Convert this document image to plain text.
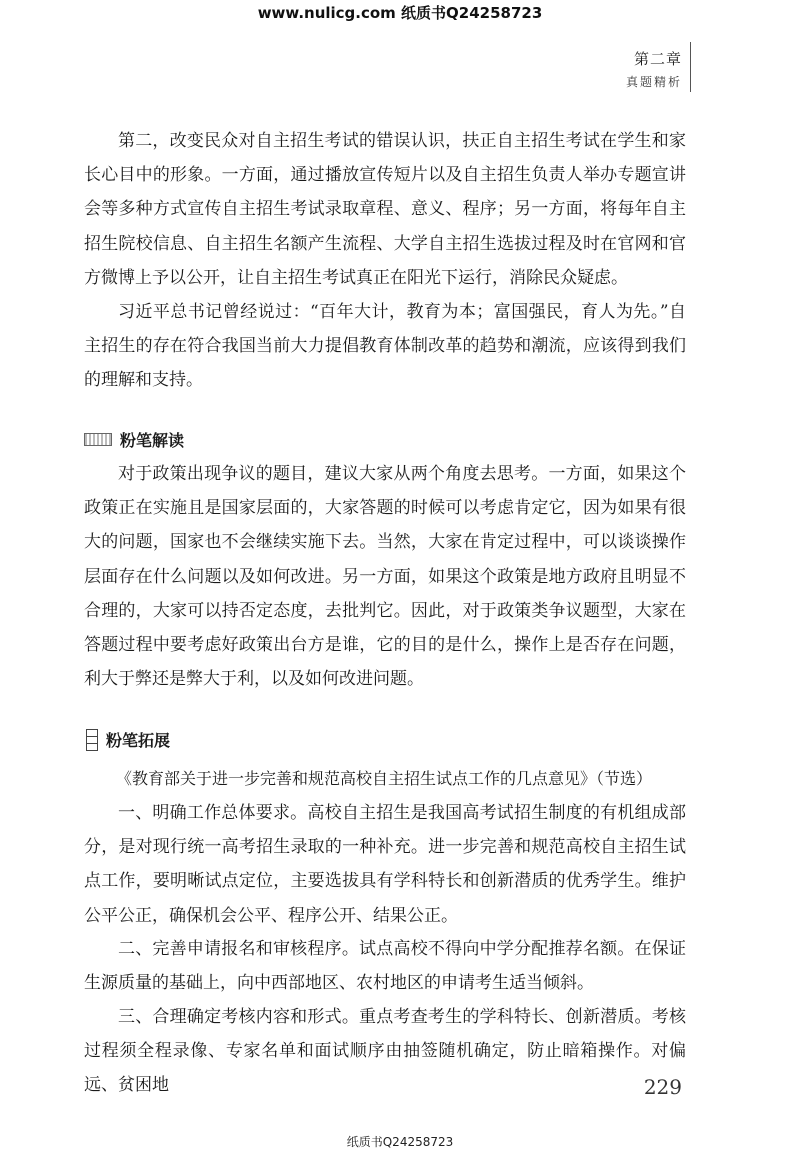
www.nulicg.com 纸质书Q24258723
第二章
真题精析

第二，改变民众对自主招生考试的错误认识，扶正自主招生考试在学生和家长心目中的形象。一方面，通过播放宣传短片以及自主招生负责人举办专题宣讲会等多种方式宣传自主招生考试录取章程、意义、程序；另一方面，将每年自主招生院校信息、自主招生名额产生流程、大学自主招生选拔过程及时在官网和官方微博上予以公开，让自主招生考试真正在阳光下运行，消除民众疑虑。

习近平总书记曾经说过：“百年大计，教育为本；富国强民，育人为先。”自主招生的存在符合我国当前大力提倡教育体制改革的趋势和潮流，应该得到我们的理解和支持。

粉笔解读

对于政策出现争议的题目，建议大家从两个角度去思考。一方面，如果这个政策正在实施且是国家层面的，大家答题的时候可以考虑肯定它，因为如果有很大的问题，国家也不会继续实施下去。当然，大家在肯定过程中，可以谈谈操作层面存在什么问题以及如何改进。另一方面，如果这个政策是地方政府且明显不合理的，大家可以持否定态度，去批判它。因此，对于政策类争议题型，大家在答题过程中要考虑好政策出台方是谁，它的目的是什么，操作上是否存在问题，利大于弊还是弊大于利，以及如何改进问题。

粉笔拓展

《教育部关于进一步完善和规范高校自主招生试点工作的几点意见》（节选）

一、明确工作总体要求。高校自主招生是我国高考试招生制度的有机组成部分，是对现行统一高考招生录取的一种补充。进一步完善和规范高校自主招生试点工作，要明晰试点定位，主要选拔具有学科特长和创新潜质的优秀学生。维护公平公正，确保机会公平、程序公开、结果公正。

二、完善申请报名和审核程序。试点高校不得向中学分配推荐名额。在保证生源质量的基础上，向中西部地区、农村地区的申请考生适当倾斜。

三、合理确定考核内容和形式。重点考查考生的学科特长、创新潜质。考核过程须全程录像、专家名单和面试顺序由抽签随机确定，防止暗箱操作。对偏远、贫困地	229
纸质书Q24258723
